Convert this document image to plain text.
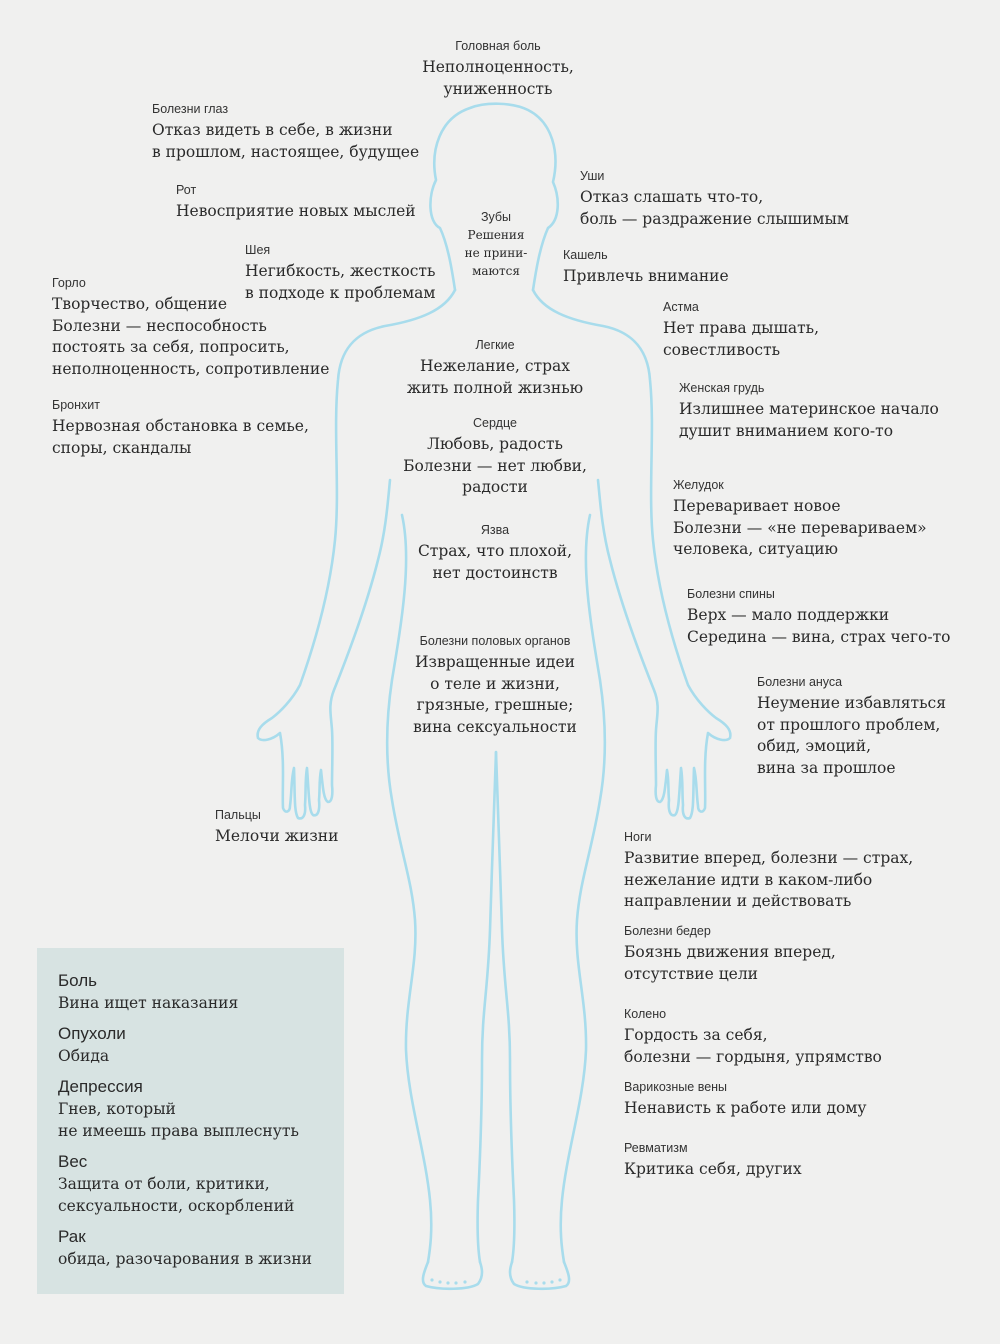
Головная боль
Неполноценность,
униженность
Болезни глаз
Отказ видеть в себе, в жизни
в прошлом, настоящее, будущее
Уши
Отказ слашать что-то,
боль — раздражение слышимым
Рот
Невосприятие новых мыслей	Зубы
Решения
не прини-
маются
Кашель
Привлечь внимание
Шея
Негибкость, жесткость
в подходе к проблемам
Горло
Творчество, общение
Болезни — неспособность
постоять за себя, попросить,
неполноценность, сопротивление
Астма
Нет права дышать,
совестливость
Легкие
Нежелание, страх
жить полной жизнью	Женская грудь
Излишнее материнское начало
душит вниманием кого-то
Бронхит
Нервозная обстановка в семье,
споры, скандалы
Сердце
Любовь, радость
Болезни — нет любви,
радости	Желудок
Переваривает новое
Болезни — «не перевариваем»
человека, ситуацию
Язва
Страх, что плохой,
нет достоинств
Болезни спины
Верх — мало поддержки
Середина — вина, страх чего-то
Болезни половых органов
Извращенные идеи
о теле и жизни,
грязные, грешные;
вина сексуальности
Болезни ануса
Неумение избавляться
от прошлого проблем,
обид, эмоций,
вина за прошлое
Пальцы
Мелочи жизни	Ноги
Развитие вперед, болезни — страх,
нежелание идти в каком-либо
направлении и действовать
Болезни бедер
Боязнь движения вперед,
отсутствие цели
Колено
Гордость за себя,
болезни — гордыня, упрямство
Варикозные вены
Ненависть к работе или дому
Ревматизм
Критика себя, других
Боль
Вина ищет наказания
Опухоли
Обида
Депрессия
Гнев, который
не имеешь права выплеснуть
Вес
Защита от боли, критики,
сексуальности, оскорблений
Рак
обида, разочарования в жизни
